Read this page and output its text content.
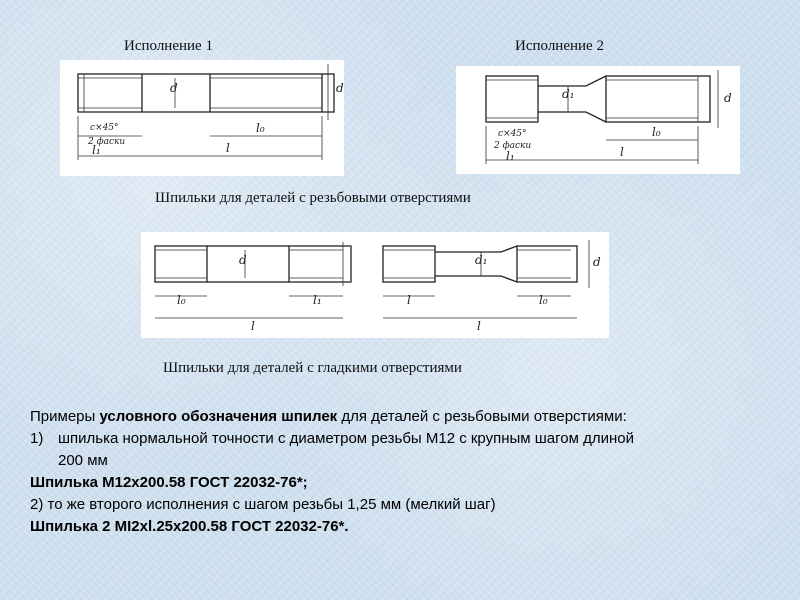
Исполнение 1	Исполнение 2
d	d
l₀
l
c×45°
2 фаски
l₁
d₁	d
l₀
l
c×45°
2 фаски
l₁
Шпильки для деталей с резьбовыми отверстиями
d
l₀	l₁
l
d₁	d
l	l₀
l
Шпильки для деталей с гладкими отверстиями
Примеры условного обозначения шпилек для деталей с резьбовыми отверстиями:
1) шпилька нормальной точности с диаметром резьбы М12 с крупным шагом длиной
200 мм
Шпилька М12х200.58 ГОСТ 22032-76*;
2) то же второго исполнения с шагом резьбы 1,25 мм (мелкий шаг)
Шпилька 2 МI2хl.25х200.58 ГОСТ 22032-76*.
